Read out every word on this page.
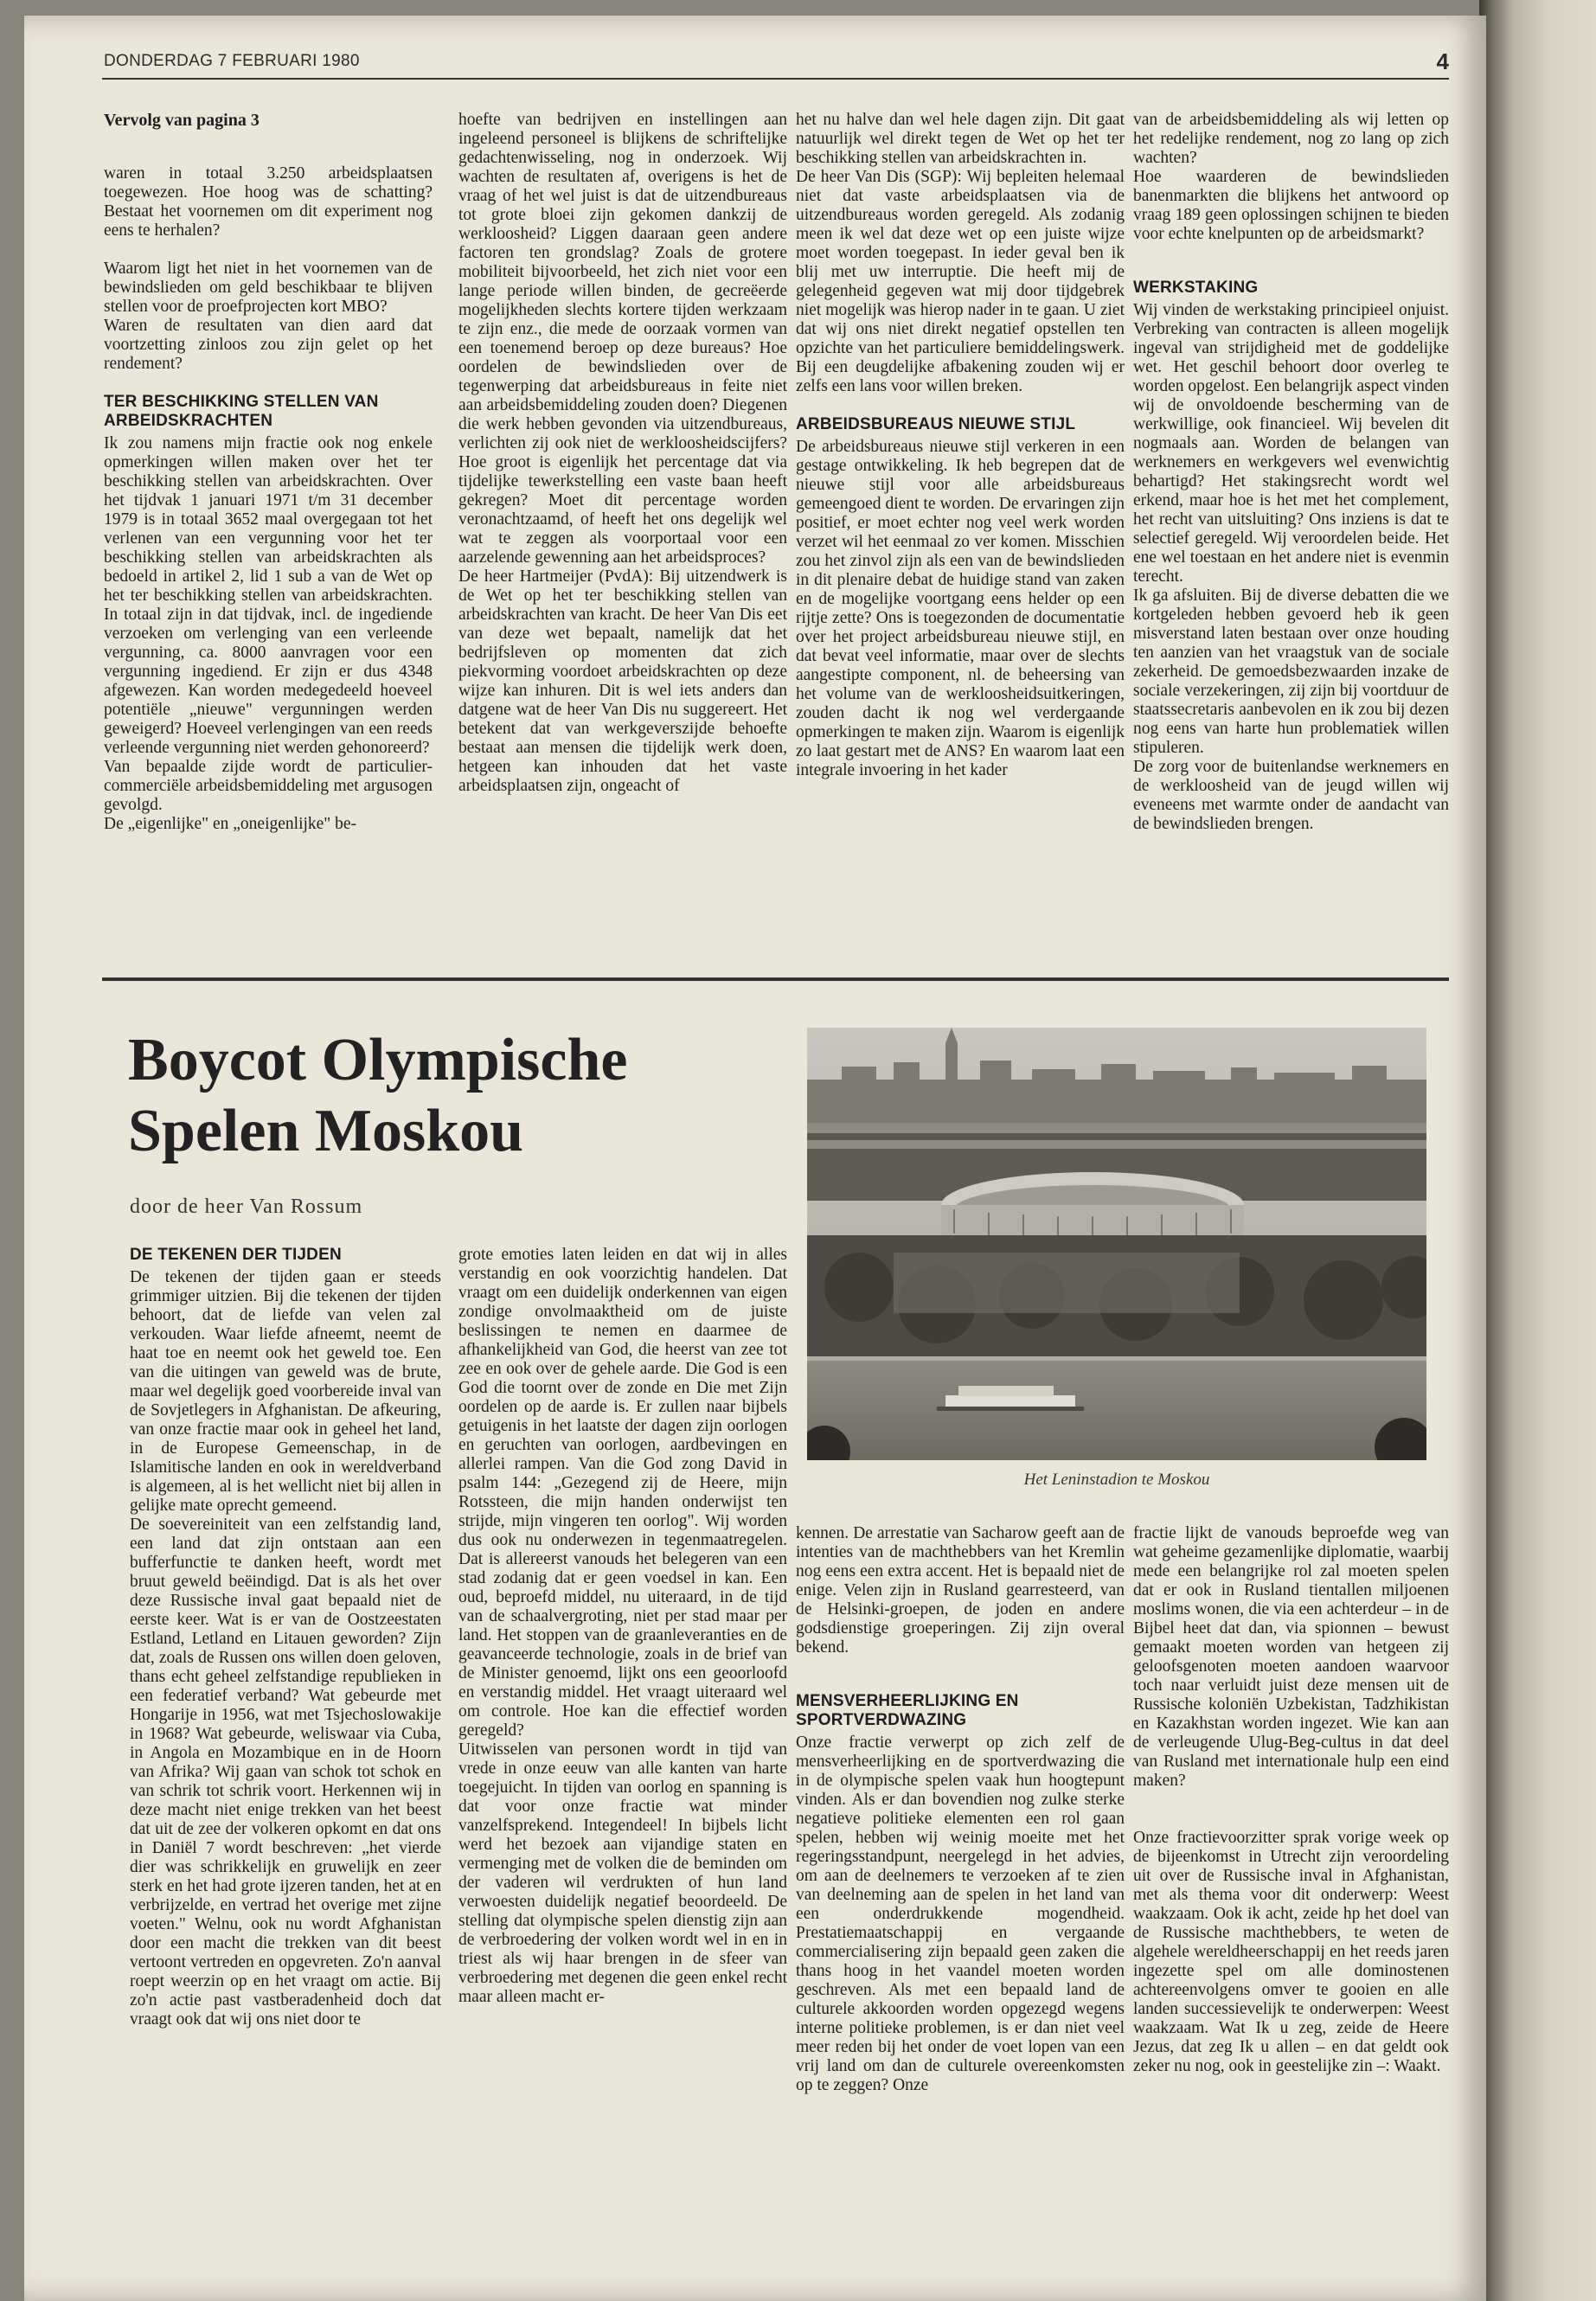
DONDERDAG 7 FEBRUARI 1980	4
Vervolg van pagina 3

waren in totaal 3.250 arbeidsplaatsen toegewezen. Hoe hoog was de schatting? Bestaat het voornemen om dit experiment nog eens te herhalen?

Waarom ligt het niet in het voornemen van de bewindslieden om geld beschikbaar te blijven stellen voor de proefprojecten kort MBO?

Waren de resultaten van dien aard dat voortzetting zinloos zou zijn gelet op het rendement?

TER BESCHIKKING STELLEN VAN ARBEIDSKRACHTEN

Ik zou namens mijn fractie ook nog enkele opmerkingen willen maken over het ter beschikking stellen van arbeidskrachten. Over het tijdvak 1 januari 1971 t/m 31 december 1979 is in totaal 3652 maal overgegaan tot het verlenen van een vergunning voor het ter beschikking stellen van arbeidskrachten als bedoeld in artikel 2, lid 1 sub a van de Wet op het ter beschikking stellen van arbeidskrachten. In totaal zijn in dat tijdvak, incl. de ingediende verzoeken om verlenging van een verleende vergunning, ca. 8000 aanvragen voor een vergunning ingediend. Er zijn er dus 4348 afgewezen. Kan worden medegedeeld hoeveel potentiële „nieuwe" vergunningen werden geweigerd? Hoeveel verlengingen van een reeds verleende vergunning niet werden gehonoreerd?

Van bepaalde zijde wordt de particulier-commerciële arbeidsbemiddeling met argusogen gevolgd.

De „eigenlijke" en „oneigenlijke" be-

hoefte van bedrijven en instellingen aan ingeleend personeel is blijkens de schriftelijke gedachtenwisseling, nog in onderzoek. Wij wachten de resultaten af, overigens is het de vraag of het wel juist is dat de uitzendbureaus tot grote bloei zijn gekomen dankzij de werkloosheid? Liggen daaraan geen andere factoren ten grondslag? Zoals de grotere mobiliteit bijvoorbeeld, het zich niet voor een lange periode willen binden, de gecreëerde mogelijkheden slechts kortere tijden werkzaam te zijn enz., die mede de oorzaak vormen van een toenemend beroep op deze bureaus? Hoe oordelen de bewindslieden over de tegenwerping dat arbeidsbureaus in feite niet aan arbeidsbemiddeling zouden doen? Diegenen die werk hebben gevonden via uitzendbureaus, verlichten zij ook niet de werkloosheidscijfers? Hoe groot is eigenlijk het percentage dat via tijdelijke tewerkstelling een vaste baan heeft gekregen? Moet dit percentage worden veronachtzaamd, of heeft het ons degelijk wel wat te zeggen als voorportaal voor een aarzelende gewenning aan het arbeidsproces?

De heer Hartmeijer (PvdA): Bij uitzendwerk is de Wet op het ter beschikking stellen van arbeidskrachten van kracht. De heer Van Dis eet van deze wet bepaalt, namelijk dat het bedrijfsleven op momenten dat zich piekvorming voordoet arbeidskrachten op deze wijze kan inhuren. Dit is wel iets anders dan datgene wat de heer Van Dis nu suggereert. Het betekent dat van werkgeverszijde behoefte bestaat aan mensen die tijdelijk werk doen, hetgeen kan inhouden dat het vaste arbeidsplaatsen zijn, ongeacht of

het nu halve dan wel hele dagen zijn. Dit gaat natuurlijk wel direkt tegen de Wet op het ter beschikking stellen van arbeidskrachten in.

De heer Van Dis (SGP): Wij bepleiten helemaal niet dat vaste arbeidsplaatsen via de uitzendbureaus worden geregeld. Als zodanig meen ik wel dat deze wet op een juiste wijze moet worden toegepast. In ieder geval ben ik blij met uw interruptie. Die heeft mij de gelegenheid gegeven wat mij door tijdgebrek niet mogelijk was hierop nader in te gaan. U ziet dat wij ons niet direkt negatief opstellen ten opzichte van het particuliere bemiddelingswerk. Bij een deugdelijke afbakening zouden wij er zelfs een lans voor willen breken.

ARBEIDSBUREAUS NIEUWE STIJL

De arbeidsbureaus nieuwe stijl verkeren in een gestage ontwikkeling. Ik heb begrepen dat de nieuwe stijl voor alle arbeidsbureaus gemeengoed dient te worden. De ervaringen zijn positief, er moet echter nog veel werk worden verzet wil het eenmaal zo ver komen. Misschien zou het zinvol zijn als een van de bewindslieden in dit plenaire debat de huidige stand van zaken en de mogelijke voortgang eens helder op een rijtje zette? Ons is toegezonden de documentatie over het project arbeidsbureau nieuwe stijl, en dat bevat veel informatie, maar over de slechts aangestipte component, nl. de beheersing van het volume van de werkloosheidsuitkeringen, zouden dacht ik nog wel verdergaande opmerkingen te maken zijn. Waarom is eigenlijk zo laat gestart met de ANS? En waarom laat een integrale invoering in het kader

van de arbeidsbemiddeling als wij letten op het redelijke rendement, nog zo lang op zich wachten?

Hoe waarderen de bewindslieden banenmarkten die blijkens het antwoord op vraag 189 geen oplossingen schijnen te bieden voor echte knelpunten op de arbeidsmarkt?

WERKSTAKING

Wij vinden de werkstaking principieel onjuist. Verbreking van contracten is alleen mogelijk ingeval van strijdigheid met de goddelijke wet. Het geschil behoort door overleg te worden opgelost. Een belangrijk aspect vinden wij de onvoldoende bescherming van de werkwillige, ook financieel. Wij bevelen dit nogmaals aan. Worden de belangen van werknemers en werkgevers wel evenwichtig behartigd? Het stakingsrecht wordt wel erkend, maar hoe is het met het complement, het recht van uitsluiting? Ons inziens is dat te selectief geregeld. Wij veroordelen beide. Het ene wel toestaan en het andere niet is evenmin terecht.

Ik ga afsluiten. Bij de diverse debatten die we kortgeleden hebben gevoerd heb ik geen misverstand laten bestaan over onze houding ten aanzien van het vraagstuk van de sociale zekerheid. De gemoedsbezwaarden inzake de sociale verzekeringen, zij zijn bij voortduur de staatssecretaris aanbevolen en ik zou bij dezen nog eens van harte hun problematiek willen stipuleren.

De zorg voor de buitenlandse werknemers en de werkloosheid van de jeugd willen wij eveneens met warmte onder de aandacht van de bewindslieden brengen.

Boycot Olympische Spelen Moskou
door de heer Van Rossum
Het Leninstadion te Moskou
DE TEKENEN DER TIJDEN

De tekenen der tijden gaan er steeds grimmiger uitzien. Bij die tekenen der tijden behoort, dat de liefde van velen zal verkouden. Waar liefde afneemt, neemt de haat toe en neemt ook het geweld toe. Een van die uitingen van geweld was de brute, maar wel degelijk goed voorbereide inval van de Sovjetlegers in Afghanistan. De afkeuring, van onze fractie maar ook in geheel het land, in de Europese Gemeenschap, in de Islamitische landen en ook in wereldverband is algemeen, al is het wellicht niet bij allen in gelijke mate oprecht gemeend.

De soevereiniteit van een zelfstandig land, een land dat zijn ontstaan aan een bufferfunctie te danken heeft, wordt met bruut geweld beëindigd. Dat is als het over deze Russische inval gaat bepaald niet de eerste keer. Wat is er van de Oostzeestaten Estland, Letland en Litauen geworden? Zijn dat, zoals de Russen ons willen doen geloven, thans echt geheel zelfstandige republieken in een federatief verband? Wat gebeurde met Hongarije in 1956, wat met Tsjechoslowakije in 1968? Wat gebeurde, weliswaar via Cuba, in Angola en Mozambique en in de Hoorn van Afrika? Wij gaan van schok tot schok en van schrik tot schrik voort. Herkennen wij in deze macht niet enige trekken van het beest dat uit de zee der volkeren opkomt en dat ons in Daniël 7 wordt beschreven: „het vierde dier was schrikkelijk en gruwelijk en zeer sterk en het had grote ijzeren tanden, het at en verbrijzelde, en vertrad het overige met zijne voeten." Welnu, ook nu wordt Afghanistan door een macht die trekken van dit beest vertoont vertreden en opgevreten. Zo'n aanval roept weerzin op en het vraagt om actie. Bij zo'n actie past vastberadenheid doch dat vraagt ook dat wij ons niet door te

grote emoties laten leiden en dat wij in alles verstandig en ook voorzichtig handelen. Dat vraagt om een duidelijk onderkennen van eigen zondige onvolmaaktheid om de juiste beslissingen te nemen en daarmee de afhankelijkheid van God, die heerst van zee tot zee en ook over de gehele aarde. Die God is een God die toornt over de zonde en Die met Zijn oordelen op de aarde is. Er zullen naar bijbels getuigenis in het laatste der dagen zijn oorlogen en geruchten van oorlogen, aardbevingen en allerlei rampen. Van die God zong David in psalm 144: „Gezegend zij de Heere, mijn Rotssteen, die mijn handen onderwijst ten strijde, mijn vingeren ten oorlog". Wij worden dus ook nu onderwezen in tegenmaatregelen. Dat is allereerst vanouds het belegeren van een stad zodanig dat er geen voedsel in kan. Een oud, beproefd middel, nu uiteraard, in de tijd van de schaalvergroting, niet per stad maar per land. Het stoppen van de graanleveranties en de geavanceerde technologie, zoals in de brief van de Minister genoemd, lijkt ons een geoorloofd en verstandig middel. Het vraagt uiteraard wel om controle. Hoe kan die effectief worden geregeld?

Uitwisselen van personen wordt in tijd van vrede in onze eeuw van alle kanten van harte toegejuicht. In tijden van oorlog en spanning is dat voor onze fractie wat minder vanzelfsprekend. Integendeel! In bijbels licht werd het bezoek aan vijandige staten en vermenging met de volken die de beminden om der vaderen wil verdrukten of hun land verwoesten duidelijk negatief beoordeeld. De stelling dat olympische spelen dienstig zijn aan de verbroedering der volken wordt wel in en in triest als wij haar brengen in de sfeer van verbroedering met degenen die geen enkel recht maar alleen macht er-

kennen. De arrestatie van Sacharow geeft aan de intenties van de machthebbers van het Kremlin nog eens een extra accent. Het is bepaald niet de enige. Velen zijn in Rusland gearresteerd, van de Helsinki-groepen, de joden en andere godsdienstige groeperingen. Zij zijn overal bekend.

MENSVERHEERLIJKING EN SPORTVERDWAZING

Onze fractie verwerpt op zich zelf de mensverheerlijking en de sportverdwazing die in de olympische spelen vaak hun hoogtepunt vinden. Als er dan bovendien nog zulke sterke negatieve politieke elementen een rol gaan spelen, hebben wij weinig moeite met het regeringsstandpunt, neergelegd in het advies, om aan de deelnemers te verzoeken af te zien van deelneming aan de spelen in het land van een onderdrukkende mogendheid. Prestatiemaatschappij en vergaande commercialisering zijn bepaald geen zaken die thans hoog in het vaandel moeten worden geschreven. Als met een bepaald land de culturele akkoorden worden opgezegd wegens interne politieke problemen, is er dan niet veel meer reden bij het onder de voet lopen van een vrij land om dan de culturele overeenkomsten op te zeggen? Onze

fractie lijkt de vanouds beproefde weg van wat geheime gezamenlijke diplomatie, waarbij mede een belangrijke rol zal moeten spelen dat er ook in Rusland tientallen miljoenen moslims wonen, die via een achterdeur – in de Bijbel heet dat dan, via spionnen – bewust gemaakt moeten worden van hetgeen zij geloofsgenoten moeten aandoen waarvoor toch naar verluidt juist deze mensen uit de Russische koloniën Uzbekistan, Tadzhikistan en Kazakhstan worden ingezet. Wie kan aan de verleugende Ulug-Beg-cultus in dat deel van Rusland met internationale hulp een eind maken?

Onze fractievoorzitter sprak vorige week op de bijeenkomst in Utrecht zijn veroordeling uit over de Russische inval in Afghanistan, met als thema voor dit onderwerp: Weest waakzaam. Ook ik acht, zeide hp het doel van de Russische machthebbers, te weten de algehele wereldheerschappij en het reeds jaren ingezette spel om alle dominostenen achtereenvolgens omver te gooien en alle landen successievelijk te onderwerpen: Weest waakzaam. Wat Ik u zeg, zeide de Heere Jezus, dat zeg Ik u allen – en dat geldt ook zeker nu nog, ook in geestelijke zin –: Waakt.
